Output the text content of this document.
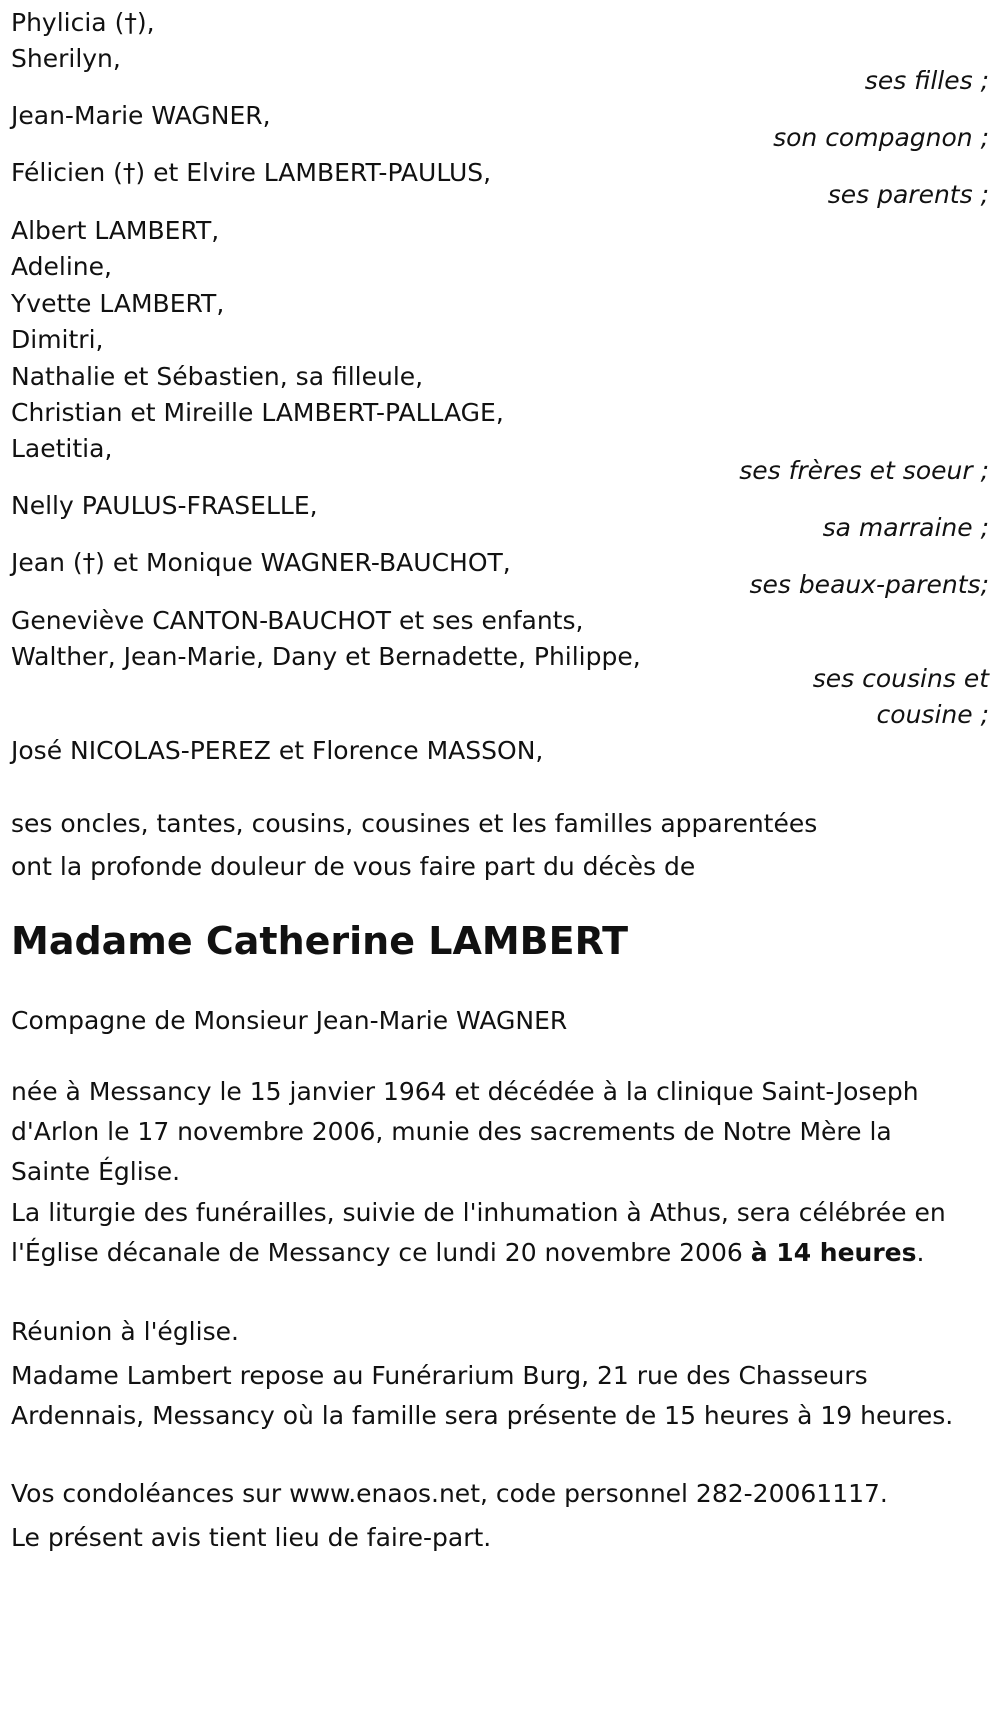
Phylicia (†),
Sherilyn,
ses filles ;
Jean-Marie WAGNER,
son compagnon ;
Félicien (†) et Elvire LAMBERT-PAULUS,
ses parents ;
Albert LAMBERT,
Adeline,
Yvette LAMBERT,
Dimitri,
Nathalie et Sébastien, sa filleule,
Christian et Mireille LAMBERT-PALLAGE,
Laetitia,
ses frères et soeur ;
Nelly PAULUS-FRASELLE,
sa marraine ;
Jean (†) et Monique WAGNER-BAUCHOT,
ses beaux-parents;
Geneviève CANTON-BAUCHOT et ses enfants,
Walther, Jean-Marie, Dany et Bernadette, Philippe,
ses cousins et
cousine ;
José NICOLAS-PEREZ et Florence MASSON,
ses oncles, tantes, cousins, cousines et les familles apparentées
ont la profonde douleur de vous faire part du décès de
Madame Catherine LAMBERT
Compagne de Monsieur Jean-Marie WAGNER
née à Messancy le 15 janvier 1964 et décédée à la clinique Saint-Joseph d'Arlon le 17 novembre 2006, munie des sacrements de Notre Mère la Sainte Église.
La liturgie des funérailles, suivie de l'inhumation à Athus, sera célébrée en l'Église décanale de Messancy ce lundi 20 novembre 2006 à 14 heures.
Réunion à l'église.
Madame Lambert repose au Funérarium Burg, 21 rue des Chasseurs Ardennais, Messancy où la famille sera présente de 15 heures à 19 heures.
Vos condoléances sur www.enaos.net, code personnel 282-20061117.
Le présent avis tient lieu de faire-part.
